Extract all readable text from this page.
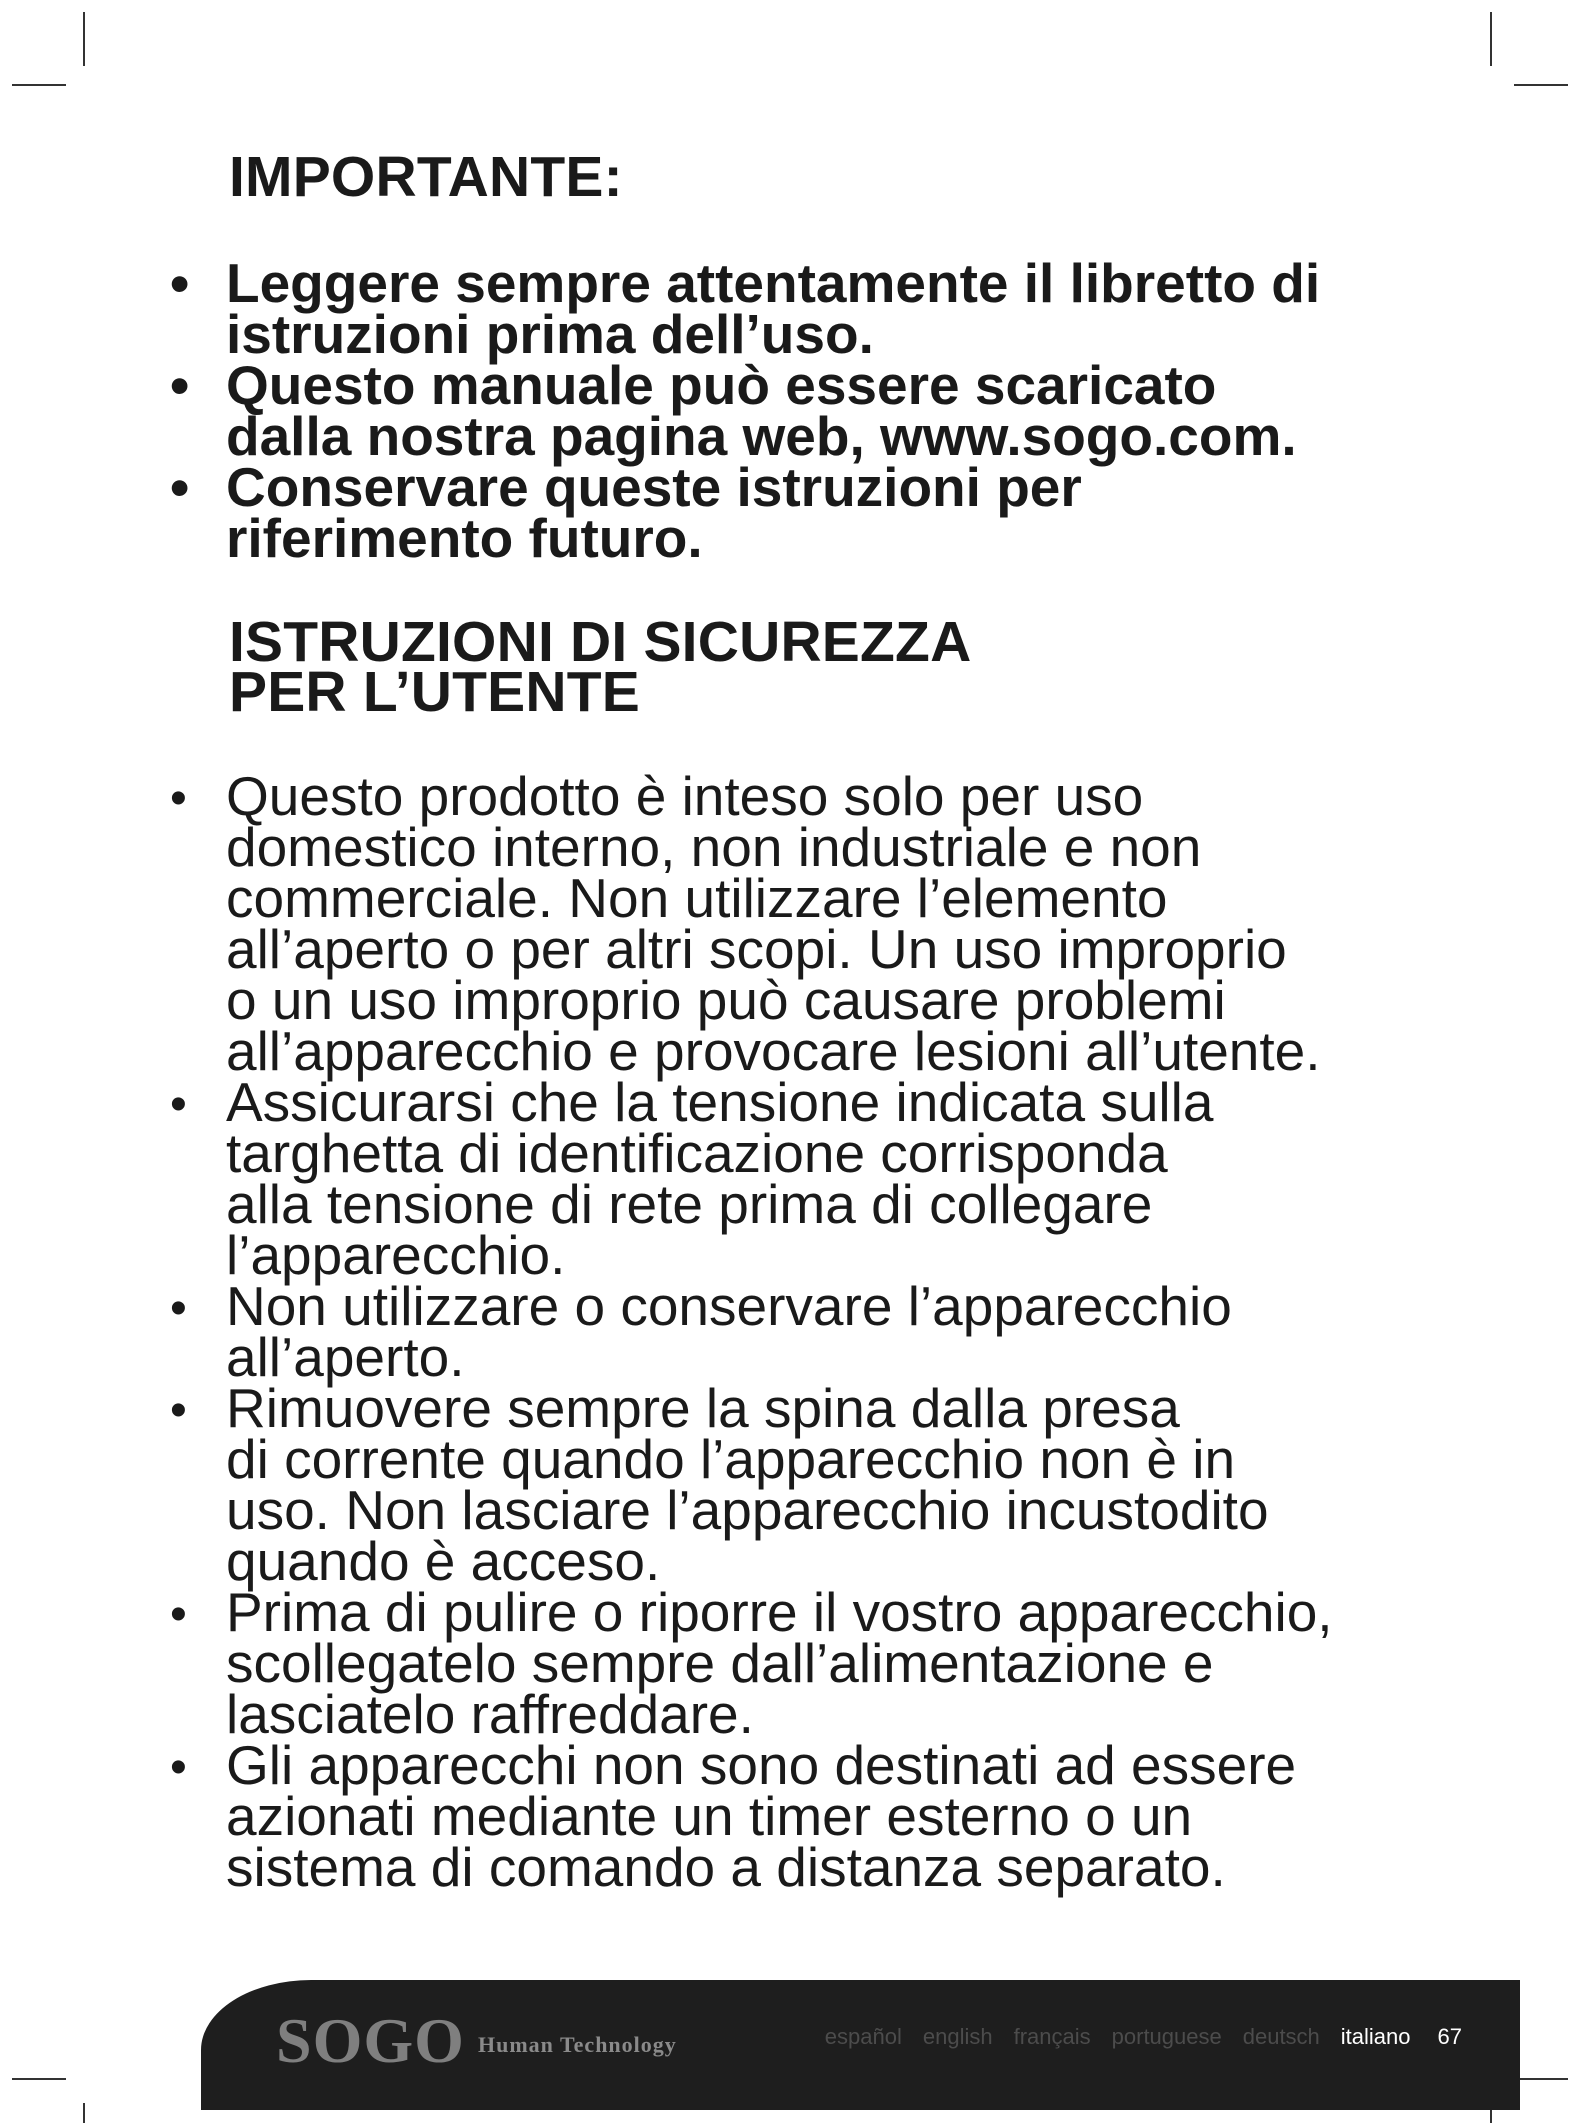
IMPORTANTE:
• Leggere sempre attentamente il libretto di
istruzioni prima dell’uso.
• Questo manuale può essere scaricato
dalla nostra pagina web, www.sogo.com.
• Conservare queste istruzioni per
riferimento futuro.
ISTRUZIONI DI SICUREZZA
PER L’UTENTE
• Questo prodotto è inteso solo per uso
domestico interno, non industriale e non
commerciale. Non utilizzare l’elemento
all’aperto o per altri scopi. Un uso improprio
o un uso improprio può causare problemi
all’apparecchio e provocare lesioni all’utente.
• Assicurarsi che la tensione indicata sulla
targhetta di identificazione corrisponda
alla tensione di rete prima di collegare
l’apparecchio.
• Non utilizzare o conservare l’apparecchio
all’aperto.
• Rimuovere sempre la spina dalla presa
di corrente quando l’apparecchio non è in
uso. Non lasciare l’apparecchio incustodito
quando è acceso.
• Prima di pulire o riporre il vostro apparecchio,
scollegatelo sempre dall’alimentazione e
lasciatelo raffreddare.
• Gli apparecchi non sono destinati ad essere
azionati mediante un timer esterno o un
sistema di comando a distanza separato.
SOGO Human Technology	español english français portuguese deutsch italiano 67
